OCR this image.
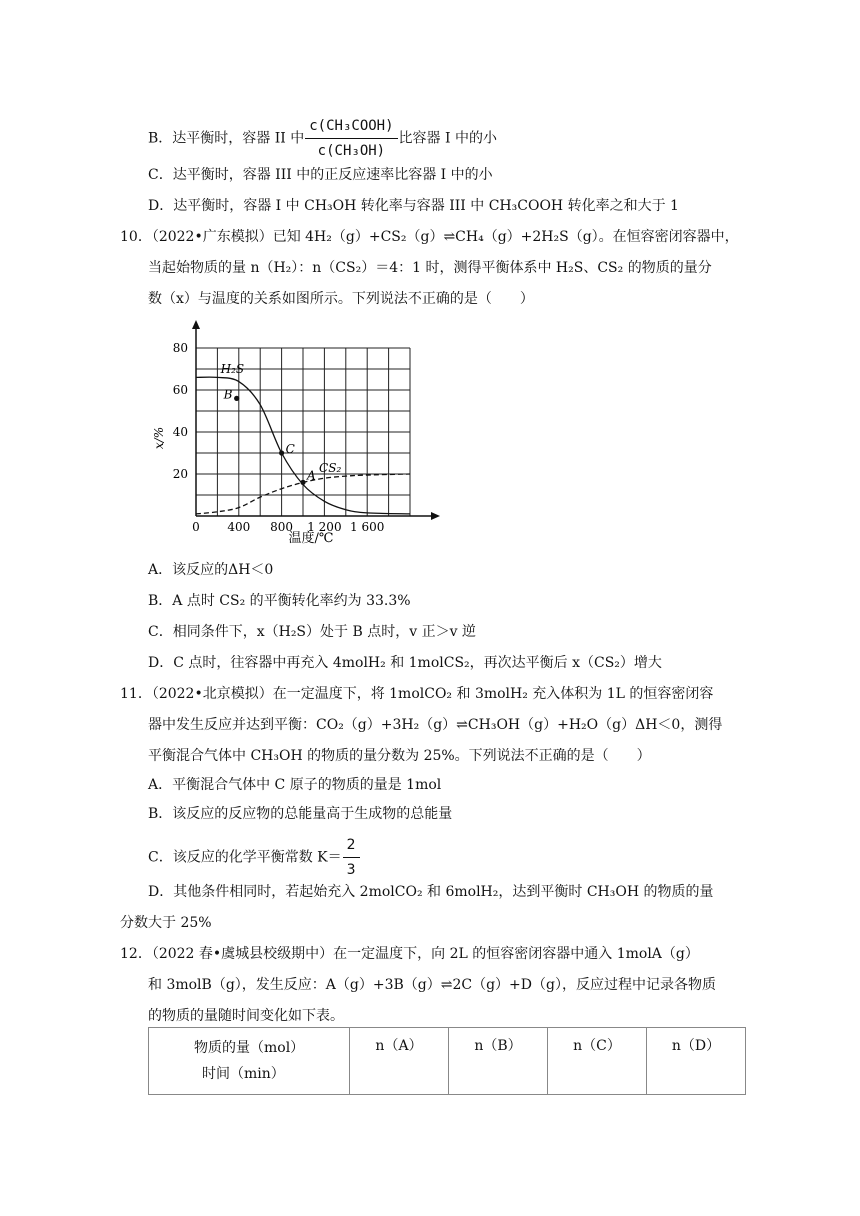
B．达平衡时，容器 II 中 $\frac{\text{c(CH₃COOH)}}{\text{c(CH₃OH)}}$ 比容器 I 中的小
C．达平衡时，容器 III 中的正反应速率比容器 I 中的小
D．达平衡时，容器 I 中 CH₃OH 转化率与容器 III 中 CH₃COOH 转化率之和大于 1
10．（2022•广东模拟）已知 4H₂（g）+CS₂（g）⇌CH₄（g）+2H₂S（g）。在恒容密闭容器中，
当起始物质的量 n（H₂）：n（CS₂）＝4：1 时，测得平衡体系中 H₂S、CS₂ 的物质的量分
数（x）与温度的关系如图所示。下列说法不正确的是（　　）
0 400 800 1 200 1 600
20
40
60
80
H₂S
CS₂
B
C
A
x/%
温度/℃
A．该反应的ΔH＜0
B．A 点时 CS₂ 的平衡转化率约为 33.3%
C．相同条件下，x（H₂S）处于 B 点时，v 正＞v 逆
D．C 点时，往容器中再充入 4molH₂ 和 1molCS₂，再次达平衡后 x（CS₂）增大
11．（2022•北京模拟）在一定温度下，将 1molCO₂ 和 3molH₂ 充入体积为 1L 的恒容密闭容
器中发生反应并达到平衡：CO₂（g）+3H₂（g）⇌CH₃OH（g）+H₂O（g）ΔH＜0，测得
平衡混合气体中 CH₃OH 的物质的量分数为 25%。下列说法不正确的是（　　）
A．平衡混合气体中 C 原子的物质的量是 1mol
B．该反应的反应物的总能量高于生成物的总能量
C．该反应的化学平衡常数 $K= \frac{2}{3}$
D．其他条件相同时，若起始充入 2molCO₂ 和 6molH₂，达到平衡时 CH₃OH 的物质的量
分数大于 25%
12．（2022 春•虞城县校级期中）在一定温度下，向 2L 的恒容密闭容器中通入 1molA（g）
和 3molB（g），发生反应：A（g）+3B（g）⇌2C（g）+D（g），反应过程中记录各物质
的物质的量随时间变化如下表。
物质的量（mol）
时间（min）
	n（A）	n（B）	n（C）	n（D）
